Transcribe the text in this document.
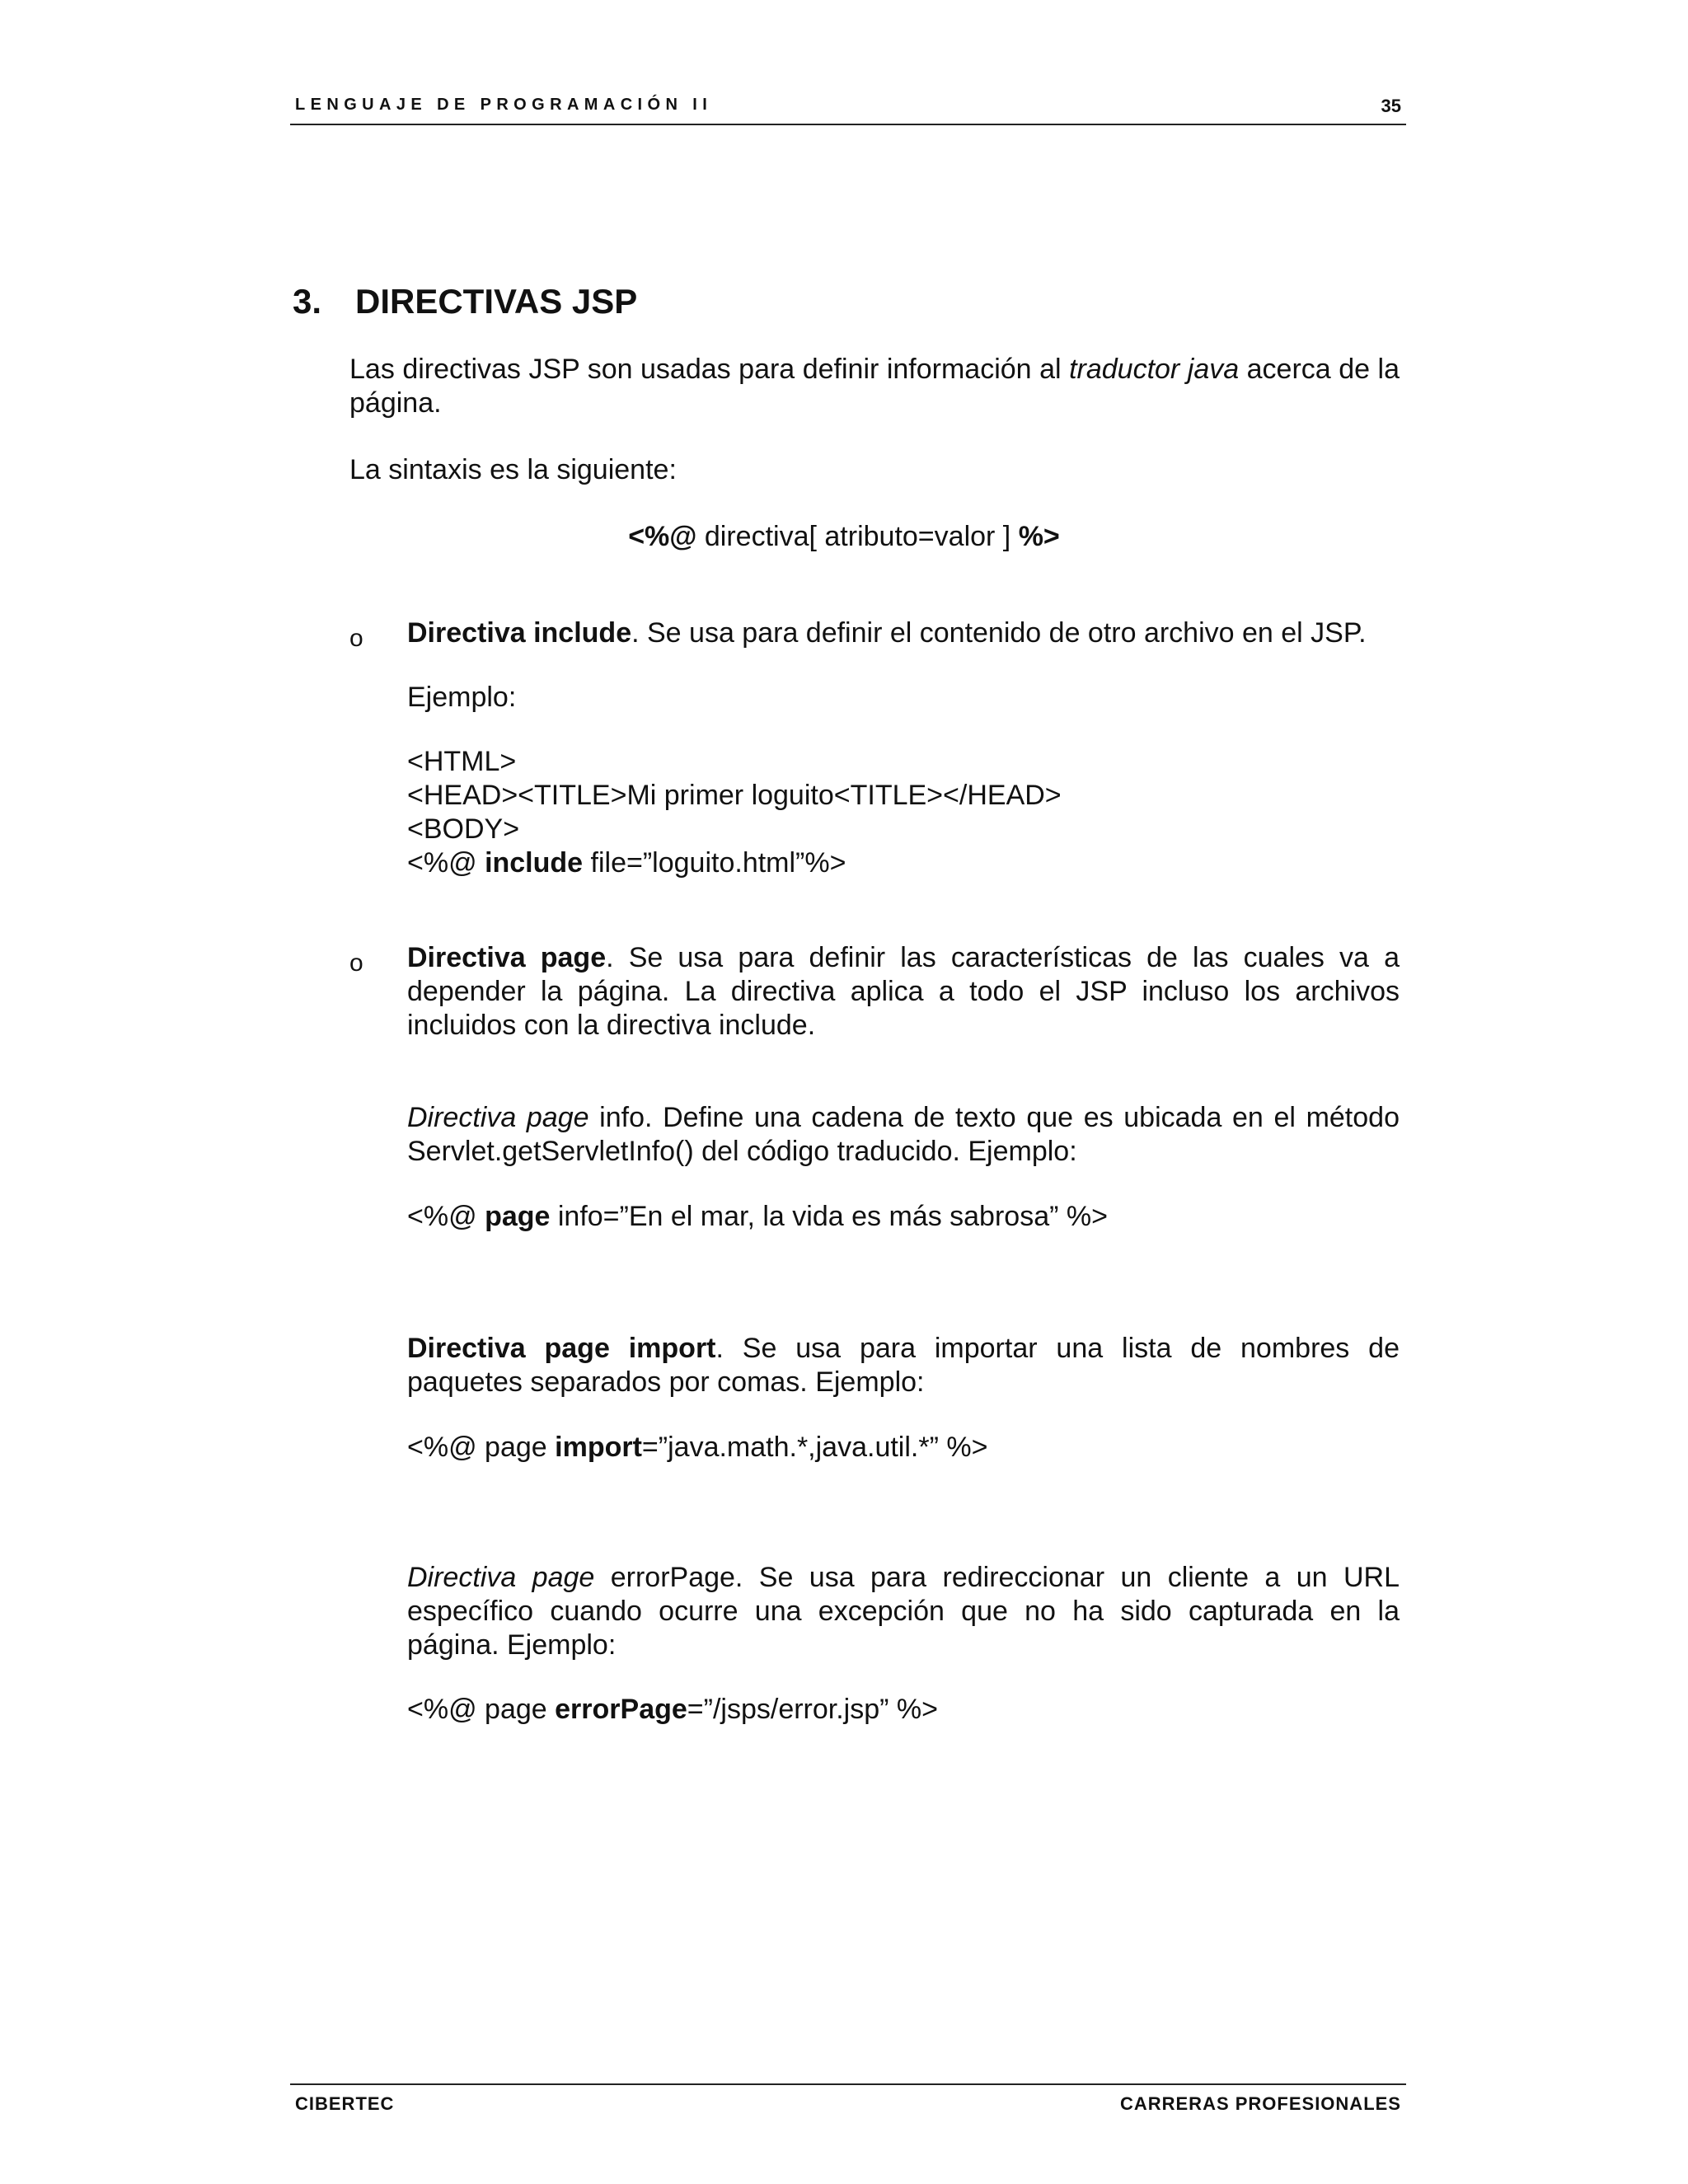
LENGUAJE DE PROGRAMACIÓN II	35
3. DIRECTIVAS JSP
Las directivas JSP son usadas para definir información al traductor java acerca de la página.
La sintaxis es la siguiente:
<%@ directiva[ atributo=valor ] %>
o Directiva include. Se usa para definir el contenido de otro archivo en el JSP.
Ejemplo:
<HTML>
<HEAD><TITLE>Mi primer loguito<TITLE></HEAD>
<BODY>
<%@ include file=”loguito.html”%>
o Directiva page. Se usa para definir las características de las cuales va a depender la página. La directiva aplica a todo el JSP incluso los archivos incluidos con la directiva include.
Directiva page info. Define una cadena de texto que es ubicada en el método Servlet.getServletInfo() del código traducido. Ejemplo:
<%@ page info=”En el mar, la vida es más sabrosa” %>
Directiva page import. Se usa para importar una lista de nombres de paquetes separados por comas. Ejemplo:
<%@ page import=”java.math.*,java.util.*” %>
Directiva page errorPage. Se usa para redireccionar un cliente a un URL específico cuando ocurre una excepción que no ha sido capturada en la página. Ejemplo:
<%@ page errorPage=”/jsps/error.jsp” %>
CIBERTEC	CARRERAS PROFESIONALES
